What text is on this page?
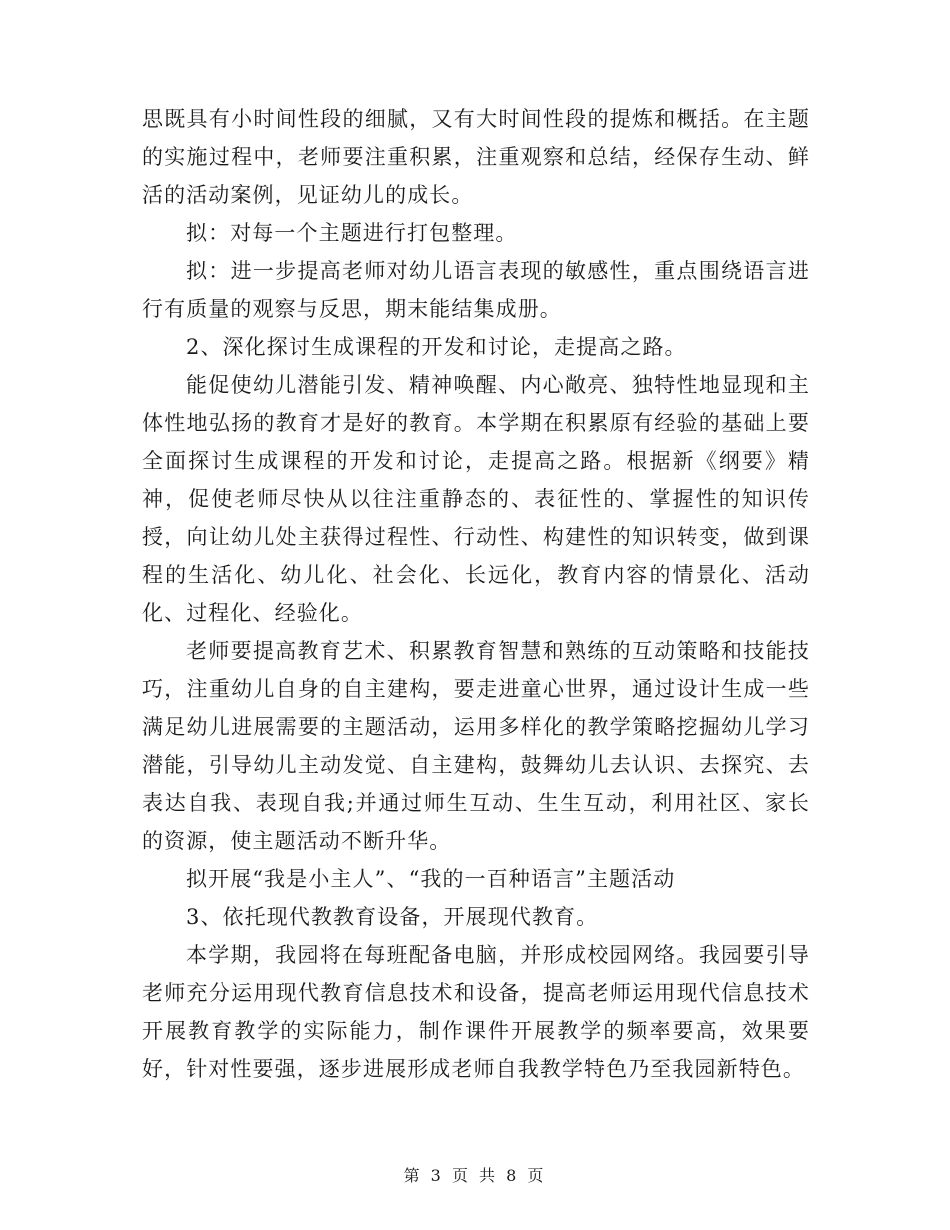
思既具有小时间性段的细腻，又有大时间性段的提炼和概括。在主题的实施过程中，老师要注重积累，注重观察和总结，经保存生动、鲜活的活动案例，见证幼儿的成长。

拟：对每一个主题进行打包整理。

拟：进一步提高老师对幼儿语言表现的敏感性，重点围绕语言进行有质量的观察与反思，期末能结集成册。

2、深化探讨生成课程的开发和讨论，走提高之路。

能促使幼儿潜能引发、精神唤醒、内心敞亮、独特性地显现和主体性地弘扬的教育才是好的教育。本学期在积累原有经验的基础上要全面探讨生成课程的开发和讨论，走提高之路。根据新《纲要》精神，促使老师尽快从以往注重静态的、表征性的、掌握性的知识传授，向让幼儿处主获得过程性、行动性、构建性的知识转变，做到课程的生活化、幼儿化、社会化、长远化，教育内容的情景化、活动化、过程化、经验化。

老师要提高教育艺术、积累教育智慧和熟练的互动策略和技能技巧，注重幼儿自身的自主建构，要走进童心世界，通过设计生成一些满足幼儿进展需要的主题活动，运用多样化的教学策略挖掘幼儿学习潜能，引导幼儿主动发觉、自主建构，鼓舞幼儿去认识、去探究、去表达自我、表现自我;并通过师生互动、生生互动，利用社区、家长的资源，使主题活动不断升华。

拟开展“我是小主人”、“我的一百种语言”主题活动

3、依托现代教教育设备，开展现代教育。

本学期，我园将在每班配备电脑，并形成校园网络。我园要引导老师充分运用现代教育信息技术和设备，提高老师运用现代信息技术开展教育教学的实际能力，制作课件开展教学的频率要高，效果要好，针对性要强，逐步进展形成老师自我教学特色乃至我园新特色。

第 3 页 共 8 页
